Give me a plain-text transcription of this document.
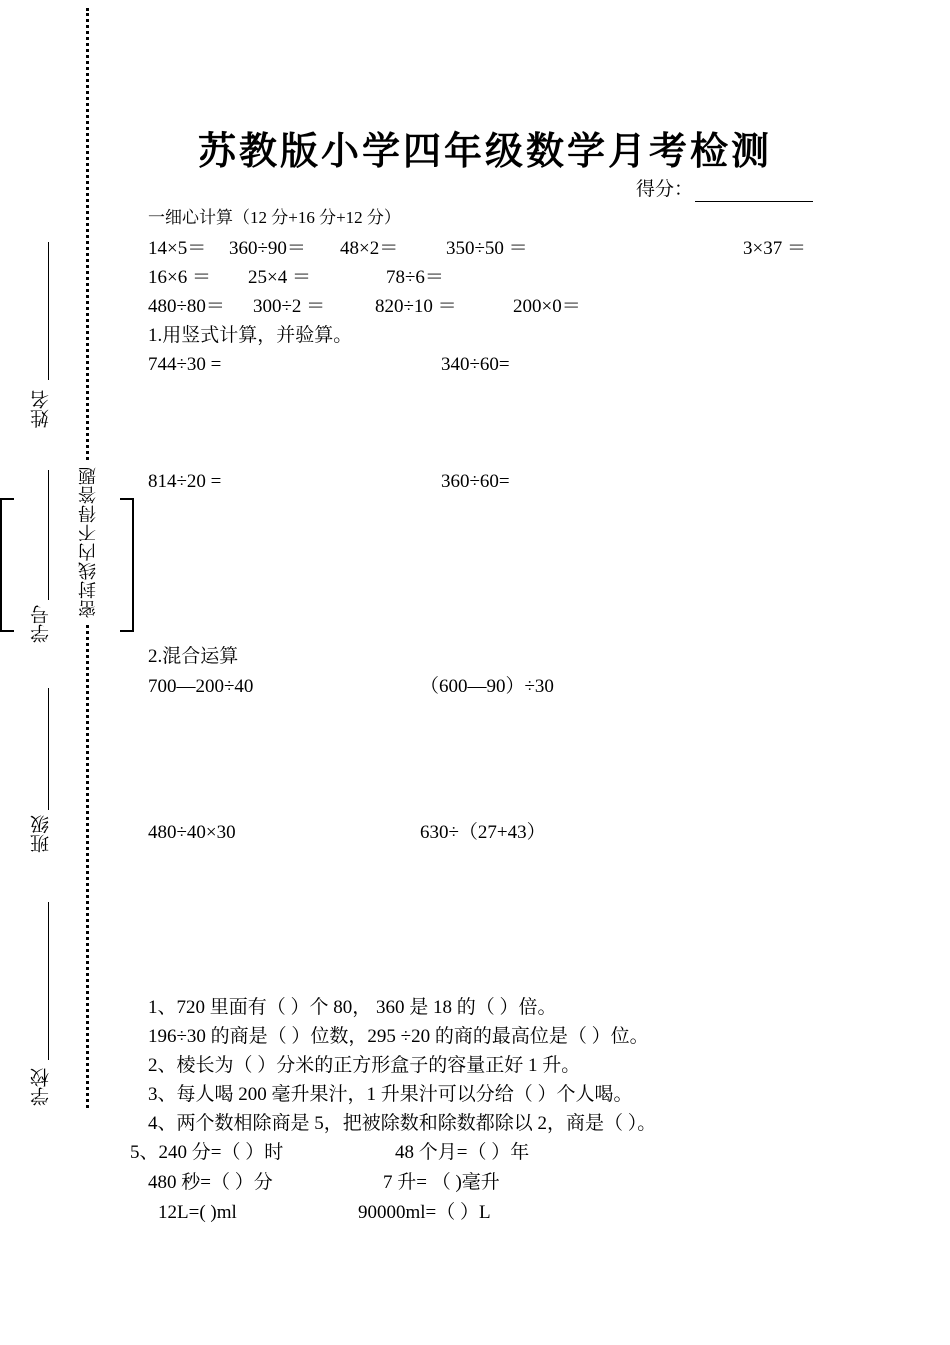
密封线内不得答题
姓名
学号
班级
学校
苏教版小学四年级数学月考检测
得分：
一细心计算（12 分+16 分+12 分）
14×5＝ 360÷90＝ 48×2＝	350÷50 ＝	3×37 ＝
16×6 ＝ 25×4 ＝	78÷6＝
480÷80＝ 300÷2 ＝	820÷10 ＝	200×0＝
1.用竖式计算，并验算。
744÷30 =	340÷60=
814÷20 =	360÷60=
2.混合运算
700—200÷40	（600—90）÷30
480÷40×30	630÷（27+43）
1、720 里面有（ ）个 80， 360 是 18 的（ ）倍。
196÷30 的商是（ ）位数，295 ÷20 的商的最高位是（ ）位。
2、棱长为（ ）分米的正方形盒子的容量正好 1 升。
3、每人喝 200 毫升果汁，1 升果汁可以分给（ ）个人喝。
4、两个数相除商是 5，把被除数和除数都除以 2，商是（ ）。
5、240 分=（ ）时	48 个月=（ ）年
480 秒=（ ）分	7 升= （ )毫升
12L=( )ml	90000ml=（ ）L
